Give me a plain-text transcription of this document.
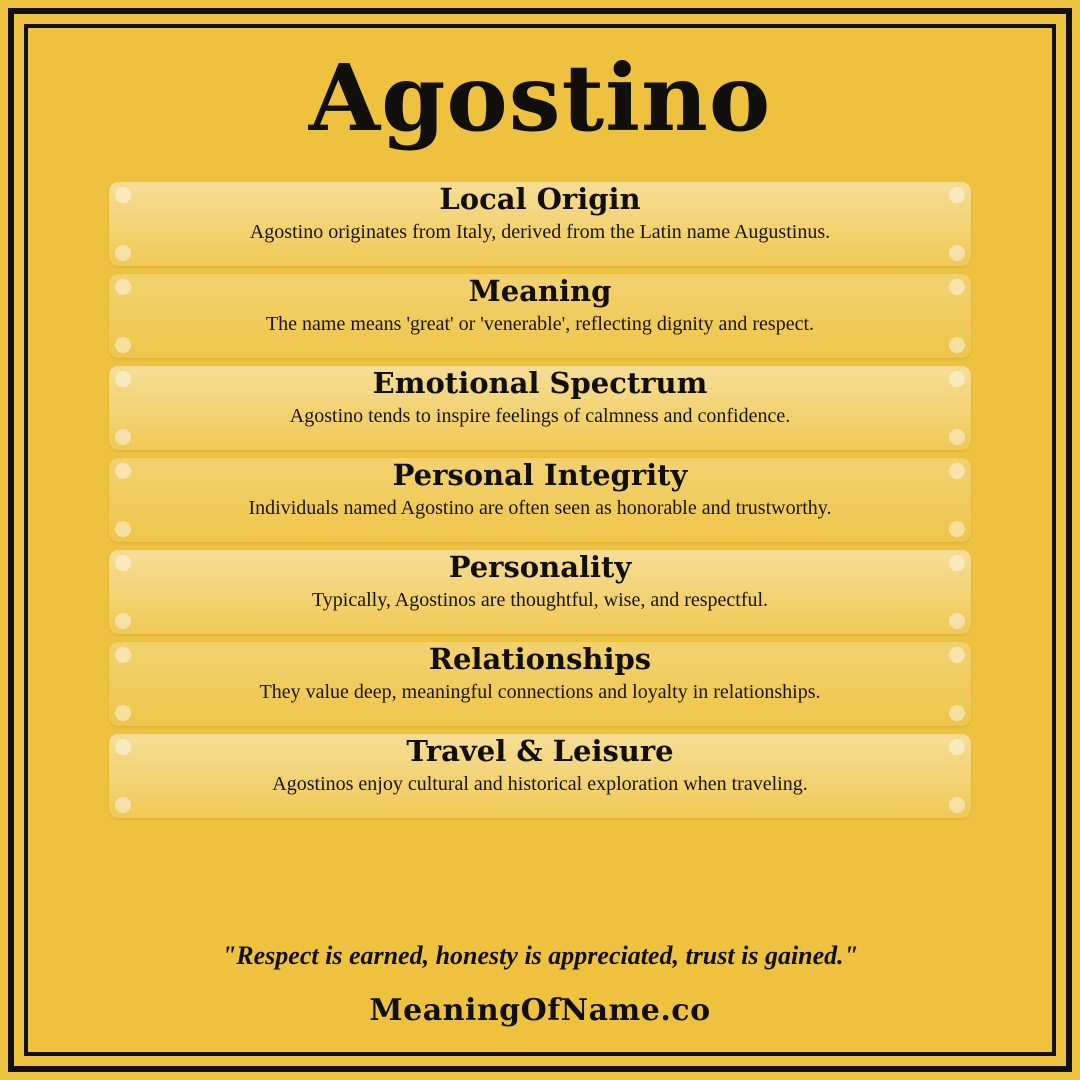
Agostino
Local Origin
Agostino originates from Italy, derived from the Latin name Augustinus.
Meaning
The name means 'great' or 'venerable', reflecting dignity and respect.
Emotional Spectrum
Agostino tends to inspire feelings of calmness and confidence.
Personal Integrity
Individuals named Agostino are often seen as honorable and trustworthy.
Personality
Typically, Agostinos are thoughtful, wise, and respectful.
Relationships
They value deep, meaningful connections and loyalty in relationships.
Travel & Leisure
Agostinos enjoy cultural and historical exploration when traveling.
"Respect is earned, honesty is appreciated, trust is gained."
MeaningOfName.co
